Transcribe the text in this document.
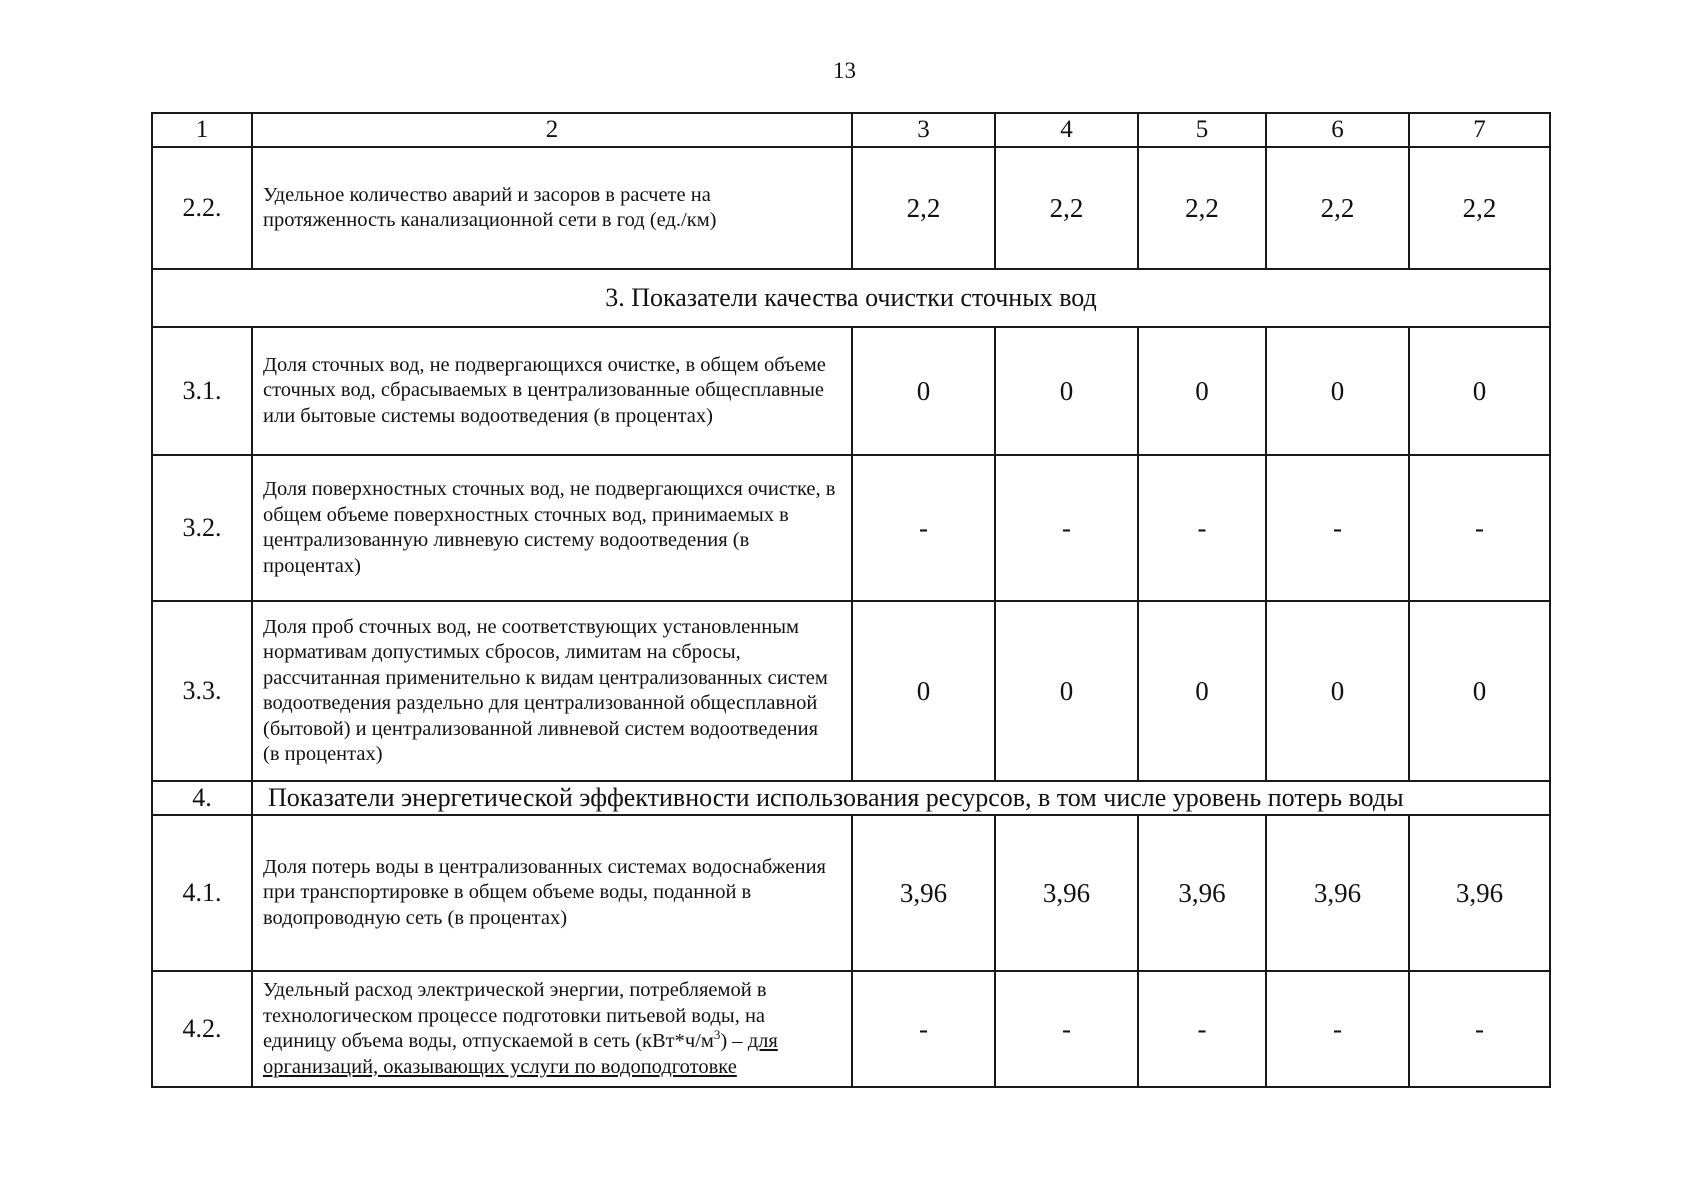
13
1	2	3	4	5	6	7
2.2.	Удельное количество аварий и засоров в расчете на протяженность канализационной сети в год (ед./км)	2,2	2,2	2,2	2,2	2,2
3. Показатели качества очистки сточных вод						
3.1.	Доля сточных вод, не подвергающихся очистке, в общем объеме сточных вод, сбрасываемых в централизованные общесплавные или бытовые системы водоотведения (в процентах)	0	0	0	0	0
3.2.	Доля поверхностных сточных вод, не подвергающихся очистке, в общем объеме поверхностных сточных вод, принимаемых в централизованную ливневую систему водоотведения (в процентах)	-	-	-	-	-
3.3.	Доля проб сточных вод, не соответствующих установленным нормативам допустимых сбросов, лимитам на сбросы, рассчитанная применительно к видам централизованных систем водоотведения раздельно для централизованной общесплавной (бытовой) и централизованной ливневой систем водоотведения (в процентах)	0	0	0	0	0
4.	Показатели энергетической эффективности использования ресурсов, в том числе уровень потерь воды					
4.1.	Доля потерь воды в централизованных системах водоснабжения при транспортировке в общем объеме воды, поданной в водопроводную сеть (в процентах)	3,96	3,96	3,96	3,96	3,96
4.2.	Удельный расход электрической энергии, потребляемой в технологическом процессе подготовки питьевой воды, на единицу объема воды, отпускаемой в сеть $(кВт*ч/м^3)$ – для организаций, оказывающих услуги по водоподготовке	-	-	-	-	-
